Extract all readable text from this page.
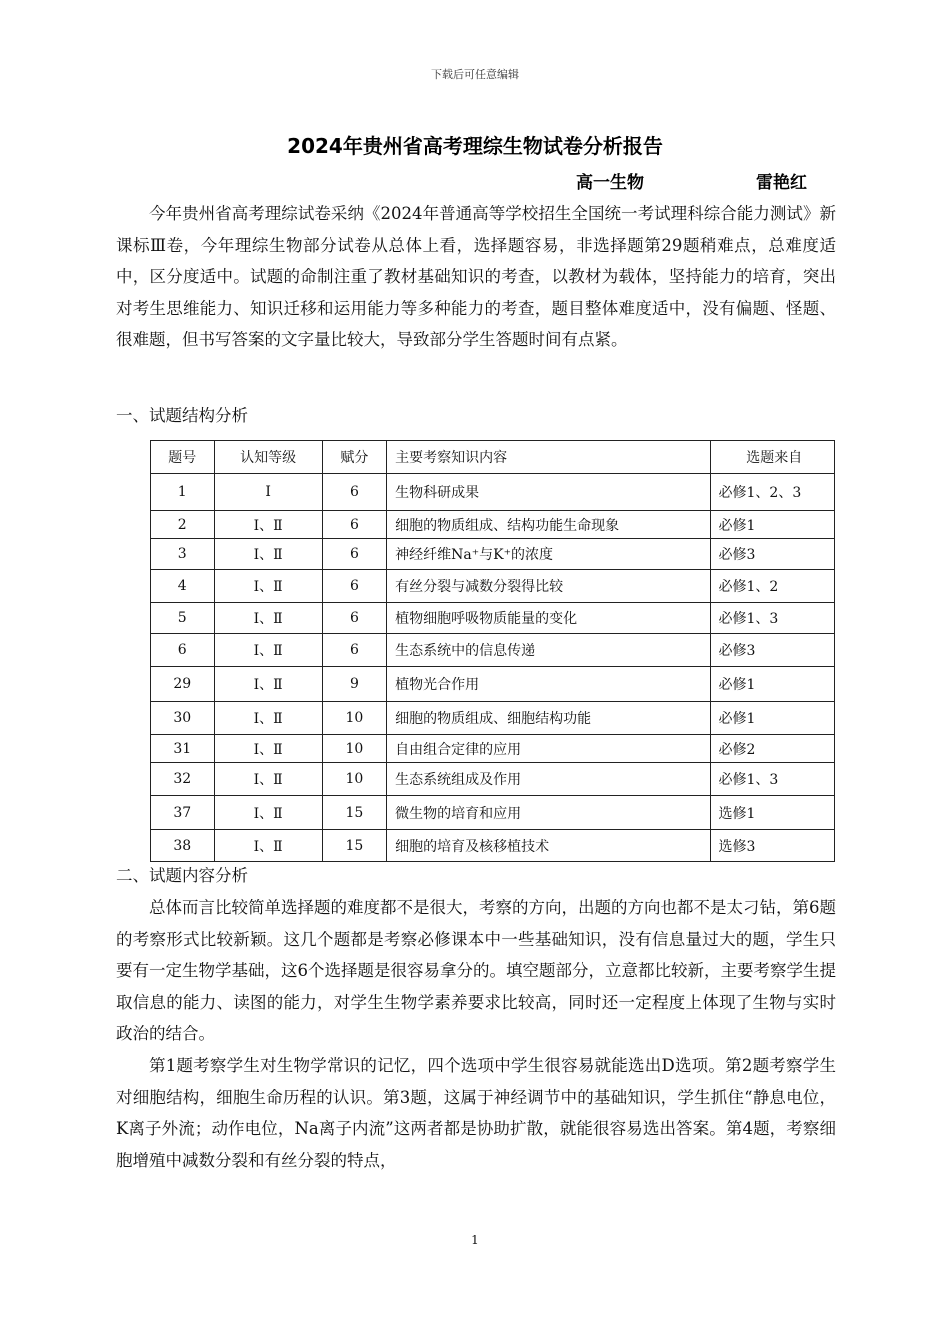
下载后可任意编辑
2024年贵州省高考理综生物试卷分析报告
高一生物	雷艳红

今年贵州省高考理综试卷采纳《2024年普通高等学校招生全国统一考试理科综合能力测试》新课标Ⅲ卷，今年理综生物部分试卷从总体上看，选择题容易，非选择题第29题稍难点，总难度适中，区分度适中。试题的命制注重了教材基础知识的考查，以教材为载体，坚持能力的培育，突出对考生思维能力、知识迁移和运用能力等多种能力的考查，题目整体难度适中，没有偏题、怪题、很难题，但书写答案的文字量比较大，导致部分学生答题时间有点紧。

一、试题结构分析

题号	认知等级	赋分	主要考察知识内容	选题来自
1	Ⅰ	6	生物科研成果	必修1、2、3
2	Ⅰ、Ⅱ	6	细胞的物质组成、结构功能生命现象	必修1
3	Ⅰ、Ⅱ	6	神经纤维Na⁺与K⁺的浓度	必修3
4	Ⅰ、Ⅱ	6	有丝分裂与减数分裂得比较	必修1、2
5	Ⅰ、Ⅱ	6	植物细胞呼吸物质能量的变化	必修1、3
6	Ⅰ、Ⅱ	6	生态系统中的信息传递	必修3
29	Ⅰ、Ⅱ	9	植物光合作用	必修1
30	Ⅰ、Ⅱ	10	细胞的物质组成、细胞结构功能	必修1
31	Ⅰ、Ⅱ	10	自由组合定律的应用	必修2
32	Ⅰ、Ⅱ	10	生态系统组成及作用	必修1、3
37	Ⅰ、Ⅱ	15	微生物的培育和应用	选修1
38	Ⅰ、Ⅱ	15	细胞的培育及核移植技术	选修3

二、试题内容分析

总体而言比较简单选择题的难度都不是很大，考察的方向，出题的方向也都不是太刁钻，第6题的考察形式比较新颖。这几个题都是考察必修课本中一些基础知识，没有信息量过大的题，学生只要有一定生物学基础，这6个选择题是很容易拿分的。填空题部分，立意都比较新，主要考察学生提取信息的能力、读图的能力，对学生生物学素养要求比较高，同时还一定程度上体现了生物与实时政治的结合。

第1题考察学生对生物学常识的记忆，四个选项中学生很容易就能选出D选项。第2题考察学生对细胞结构，细胞生命历程的认识。第3题，这属于神经调节中的基础知识，学生抓住“静息电位，K离子外流；动作电位，Na离子内流”这两者都是协助扩散，就能很容易选出答案。第4题，考察细胞增殖中减数分裂和有丝分裂的特点，

1
